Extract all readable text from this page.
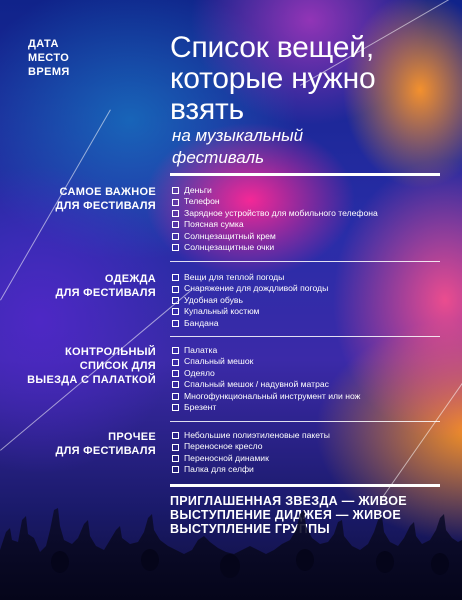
ДАТА
МЕСТО
ВРЕМЯ
Список вещей,
которые нужно
взять
на музыкальный
фестиваль
САМОЕ ВАЖНОЕ
ДЛЯ ФЕСТИВАЛЯ
Деньги
Телефон
Зарядное устройство для мобильного телефона
Поясная сумка
Солнцезащитный крем
Солнцезащитные очки
ОДЕЖДА
ДЛЯ ФЕСТИВАЛЯ
Вещи для теплой погоды
Снаряжение для дождливой погоды
Удобная обувь
Купальный костюм
Бандана
КОНТРОЛЬНЫЙ
СПИСОК ДЛЯ
ВЫЕЗДА С ПАЛАТКОЙ
Палатка
Спальный мешок
Одеяло
Спальный мешок / надувной матрас
Многофункциональный инструмент или нож
Брезент
ПРОЧЕЕ
ДЛЯ ФЕСТИВАЛЯ
Небольшие полиэтиленовые пакеты
Переносное кресло
Переносной динамик
Палка для селфи
ПРИГЛАШЕННАЯ ЗВЕЗДА — ЖИВОЕ
ВЫСТУПЛЕНИЕ ДИДЖЕЯ — ЖИВОЕ
ВЫСТУПЛЕНИЕ ГРУППЫ
